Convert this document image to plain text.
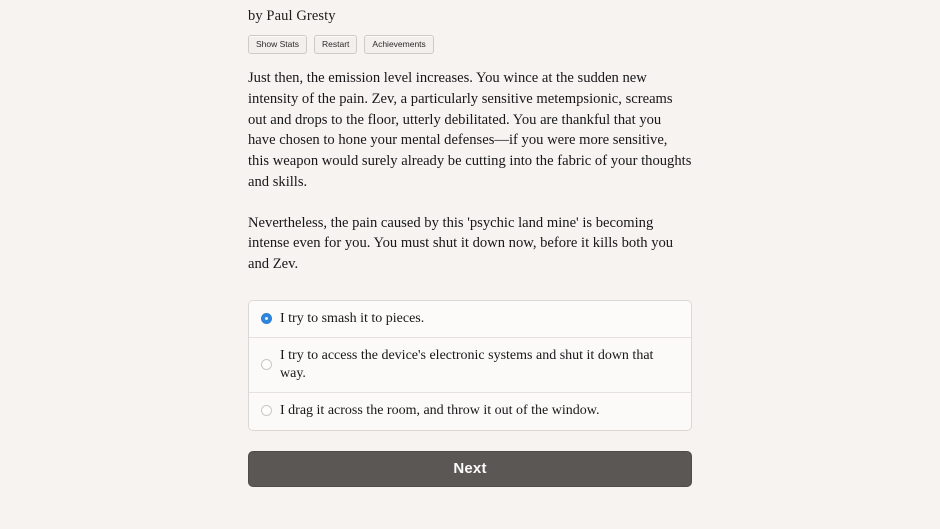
by Paul Gresty
Show Stats	Restart	Achievements

Just then, the emission level increases. You wince at the sudden new intensity of the pain. Zev, a particularly sensitive metempsionic, screams out and drops to the floor, utterly debilitated. You are thankful that you have chosen to hone your mental defenses—if you were more sensitive, this weapon would surely already be cutting into the fabric of your thoughts and skills.

Nevertheless, the pain caused by this 'psychic land mine' is becoming intense even for you. You must shut it down now, before it kills both you and Zev.

I try to smash it to pieces.
I try to access the device's electronic systems and shut it down that way.
I drag it across the room, and throw it out of the window.
Next
